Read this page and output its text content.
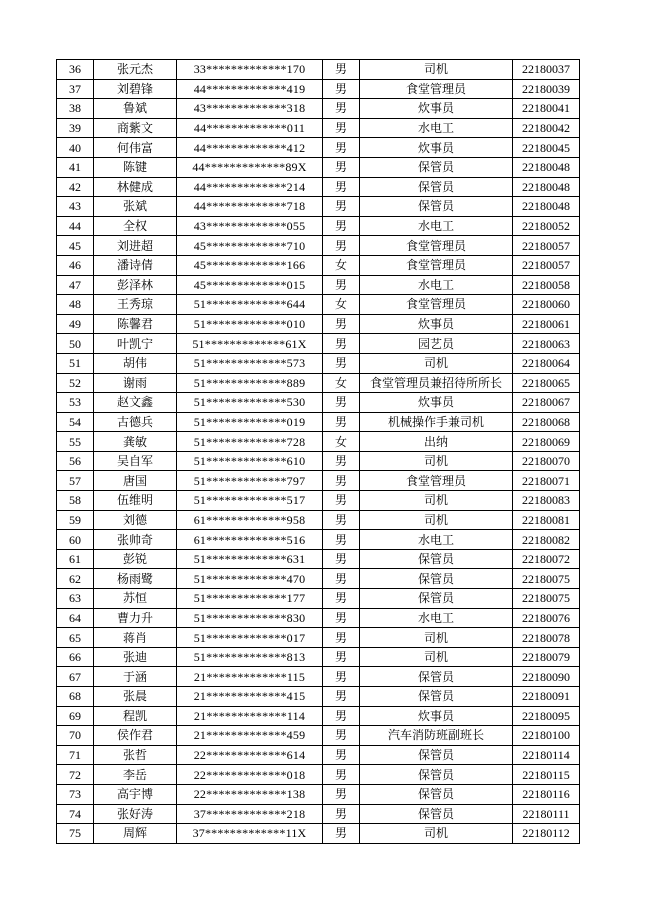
36	张元杰	33*************170	男	司机	22180037
37	刘碧锋	44*************419	男	食堂管理员	22180039
38	鲁斌	43*************318	男	炊事员	22180041
39	商紫文	44*************011	男	水电工	22180042
40	何伟富	44*************412	男	炊事员	22180045
41	陈键	44*************89X	男	保管员	22180048
42	林健成	44*************214	男	保管员	22180048
43	张斌	44*************718	男	保管员	22180048
44	全权	43*************055	男	水电工	22180052
45	刘进超	45*************710	男	食堂管理员	22180057
46	潘诗倩	45*************166	女	食堂管理员	22180057
47	彭泽林	45*************015	男	水电工	22180058
48	王秀琼	51*************644	女	食堂管理员	22180060
49	陈馨君	51*************010	男	炊事员	22180061
50	叶凯宁	51*************61X	男	园艺员	22180063
51	胡伟	51*************573	男	司机	22180064
52	谢雨	51*************889	女	食堂管理员兼招待所所长	22180065
53	赵文鑫	51*************530	男	炊事员	22180067
54	古德兵	51*************019	男	机械操作手兼司机	22180068
55	龚敏	51*************728	女	出纳	22180069
56	吴自军	51*************610	男	司机	22180070
57	唐国	51*************797	男	食堂管理员	22180071
58	伍维明	51*************517	男	司机	22180083
59	刘德	61*************958	男	司机	22180081
60	张帅奇	61*************516	男	水电工	22180082
61	彭锐	51*************631	男	保管员	22180072
62	杨雨鹭	51*************470	男	保管员	22180075
63	苏恒	51*************177	男	保管员	22180075
64	曹力升	51*************830	男	水电工	22180076
65	蒋肖	51*************017	男	司机	22180078
66	张迪	51*************813	男	司机	22180079
67	于涵	21*************115	男	保管员	22180090
68	张晨	21*************415	男	保管员	22180091
69	程凯	21*************114	男	炊事员	22180095
70	侯作君	21*************459	男	汽车消防班副班长	22180100
71	张哲	22*************614	男	保管员	22180114
72	李岳	22*************018	男	保管员	22180115
73	高宇博	22*************138	男	保管员	22180116
74	张好涛	37*************218	男	保管员	22180111
75	周辉	37*************11X	男	司机	22180112
